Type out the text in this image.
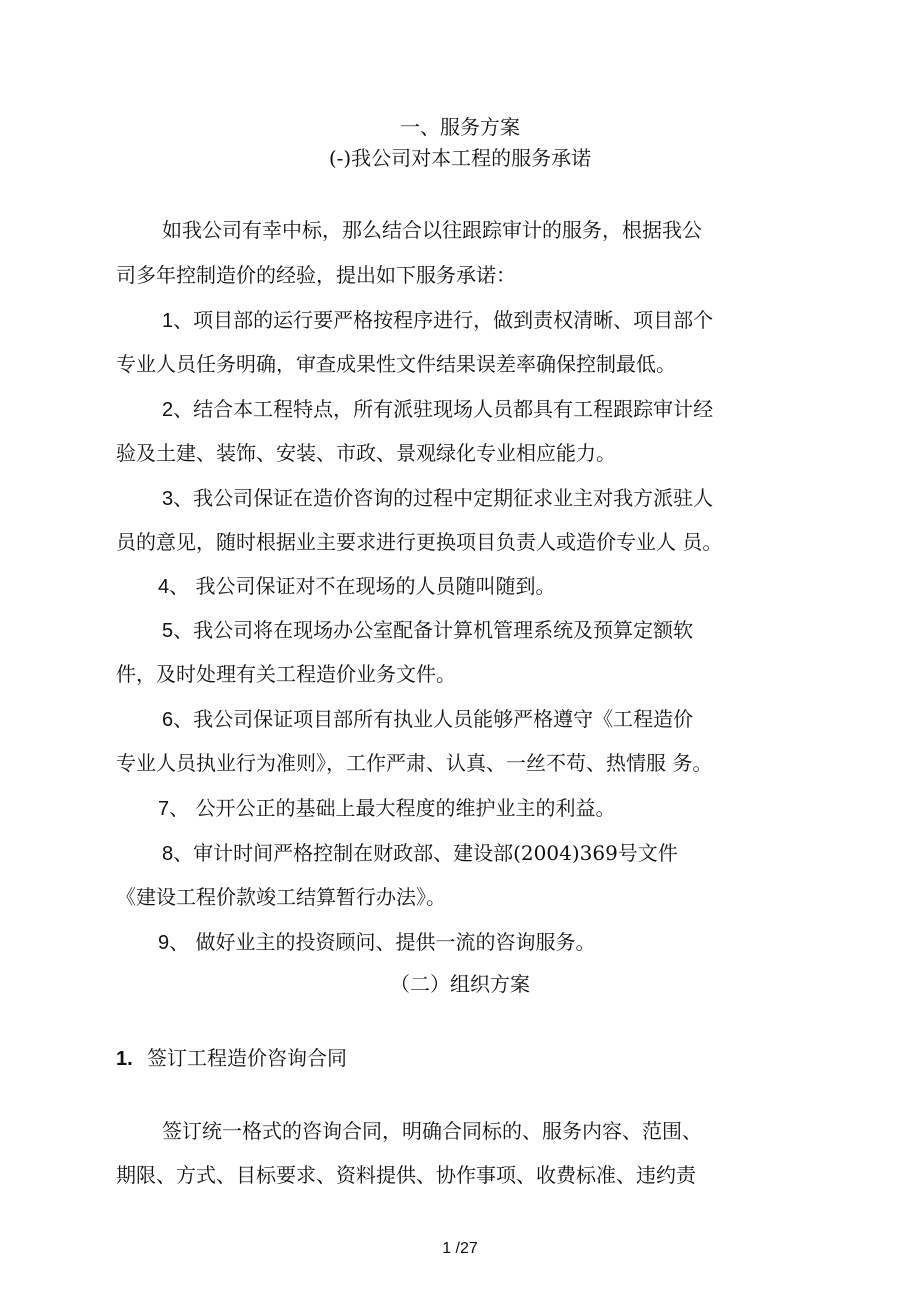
一、服务方案
(-)我公司对本工程的服务承诺
如我公司有幸中标，那么结合以往跟踪审计的服务，根据我公
司多年控制造价的经验，提出如下服务承诺：
1、项目部的运行要严格按程序进行，做到责权清晰、项目部个
专业人员任务明确，审查成果性文件结果误差率确保控制最低。
2、结合本工程特点，所有派驻现场人员都具有工程跟踪审计经
验及土建、装饰、安装、市政、景观绿化专业相应能力。
3、我公司保证在造价咨询的过程中定期征求业主对我方派驻人
员的意见，随时根据业主要求进行更换项目负责人或造价专业人 员。
4、 我公司保证对不在现场的人员随叫随到。
5、我公司将在现场办公室配备计算机管理系统及预算定额软
件，及时处理有关工程造价业务文件。
6、我公司保证项目部所有执业人员能够严格遵守《工程造价
专业人员执业行为准则》，工作严肃、认真、一丝不苟、热情服 务。
7、 公开公正的基础上最大程度的维护业主的利益。
8、审计时间严格控制在财政部、建设部(2004)369号文件
《建设工程价款竣工结算暂行办法》。
9、 做好业主的投资顾问、提供一流的咨询服务。
（二）组织方案
1. 签订工程造价咨询合同
签订统一格式的咨询合同，明确合同标的、服务内容、范围、
期限、方式、目标要求、资料提供、协作事项、收费标准、违约责
1 /27
